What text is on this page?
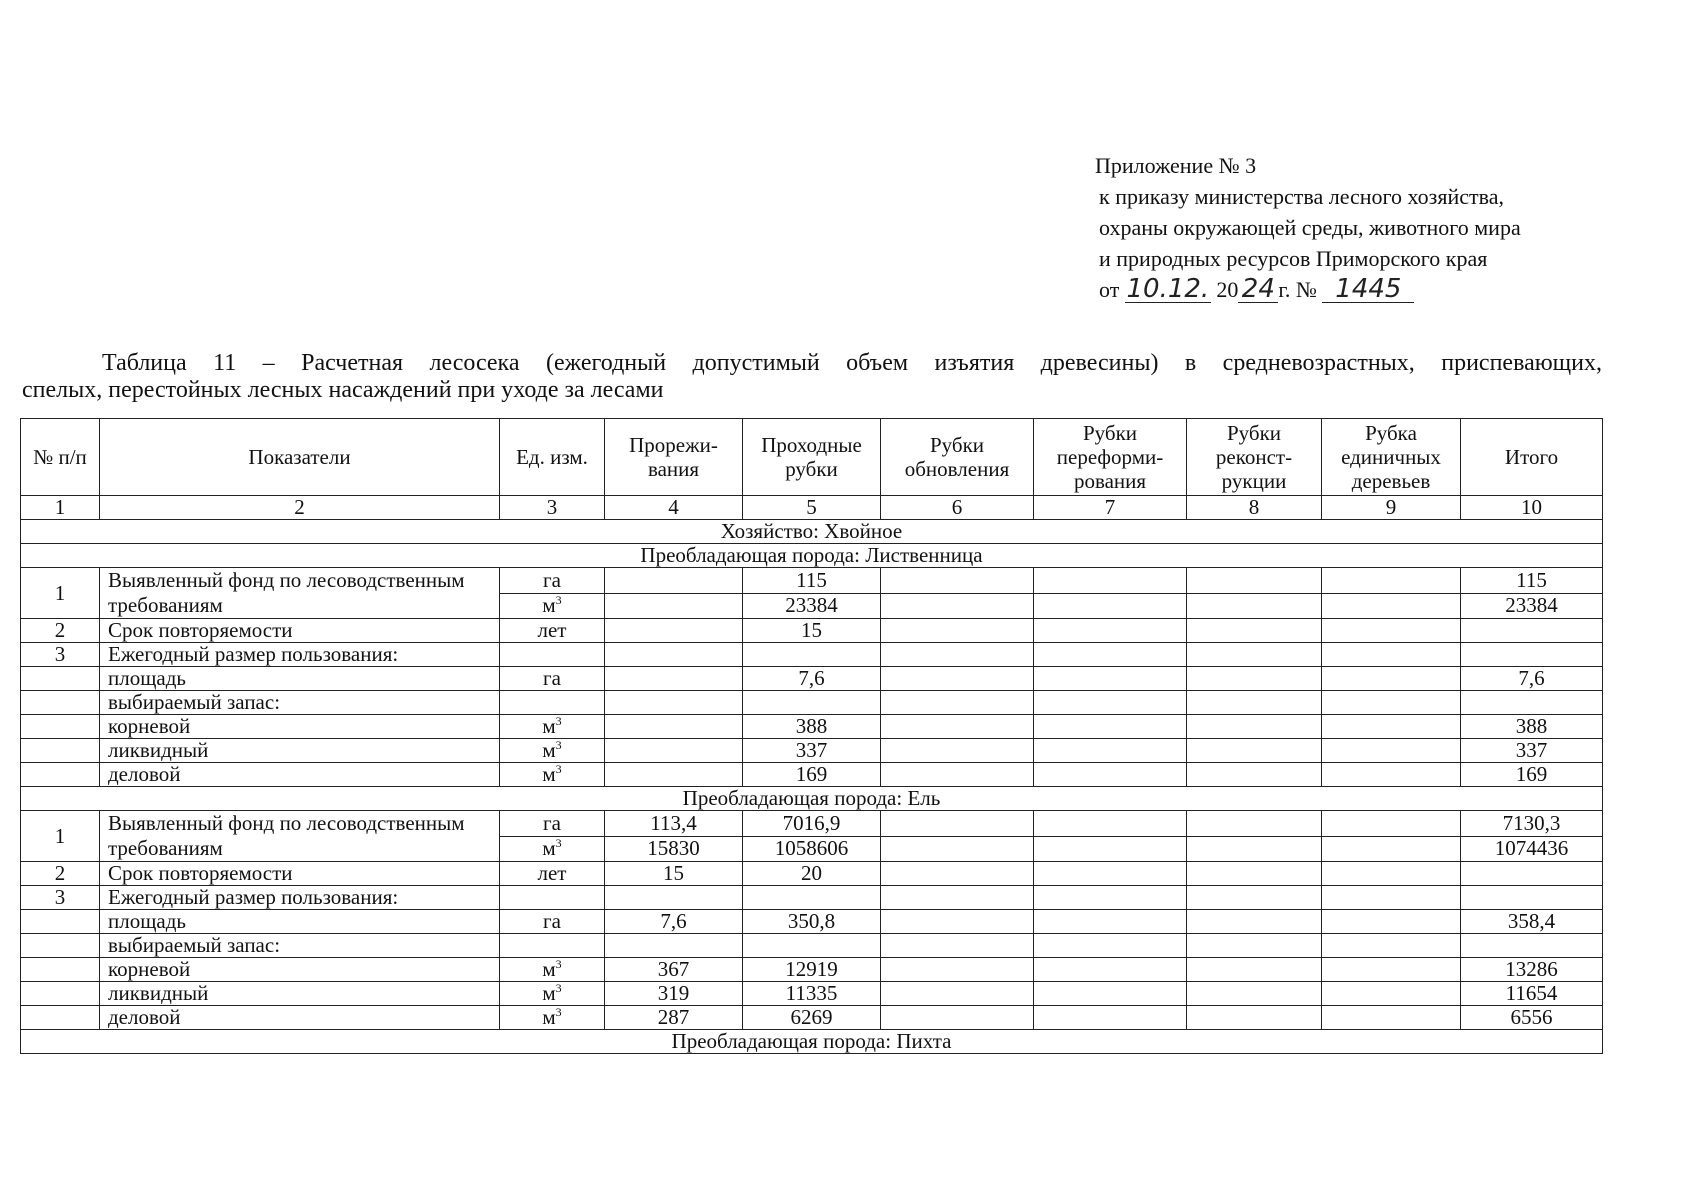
Приложение № 3
к приказу министерства лесного хозяйства,
охраны окружающей среды, животного мира
и природных ресурсов Приморского края
от 10.12. 20 24 г. № 1445
Таблица 11 – Расчетная лесосека (ежегодный допустимый объем изъятия древесины) в средневозрастных, приспевающих,
спелых, перестойных лесных насаждений при уходе за лесами
№ п/п	Показатели	Ед. изм.	Прорежи-вания	Проходные рубки	Рубки обновления	Рубки переформи-рования	Рубки реконст-рукции	Рубка единичных деревьев	Итого
1	2	3	4	5	6	7	8	9	10
Хозяйство: Хвойное									
Преобладающая порода: Лиственница									
1	Выявленный фонд по лесоводственным требованиям	га		115					115
		$м^3$		23384					23384
2	Срок повторяемости	лет		15					
3	Ежегодный размер пользования:								
	площадь	га		7,6					7,6
	выбираемый запас:								
	корневой	$м^3$		388					388
	ликвидный	$м^3$		337					337
	деловой	$м^3$		169					169
Преобладающая порода: Ель									
1	Выявленный фонд по лесоводственным требованиям	га	113,4	7016,9					7130,3
		$м^3$	15830	1058606					1074436
2	Срок повторяемости	лет	15	20					
3	Ежегодный размер пользования:								
	площадь	га	7,6	350,8					358,4
	выбираемый запас:								
	корневой	$м^3$	367	12919					13286
	ликвидный	$м^3$	319	11335					11654
	деловой	$м^3$	287	6269					6556
Преобладающая порода: Пихта									
